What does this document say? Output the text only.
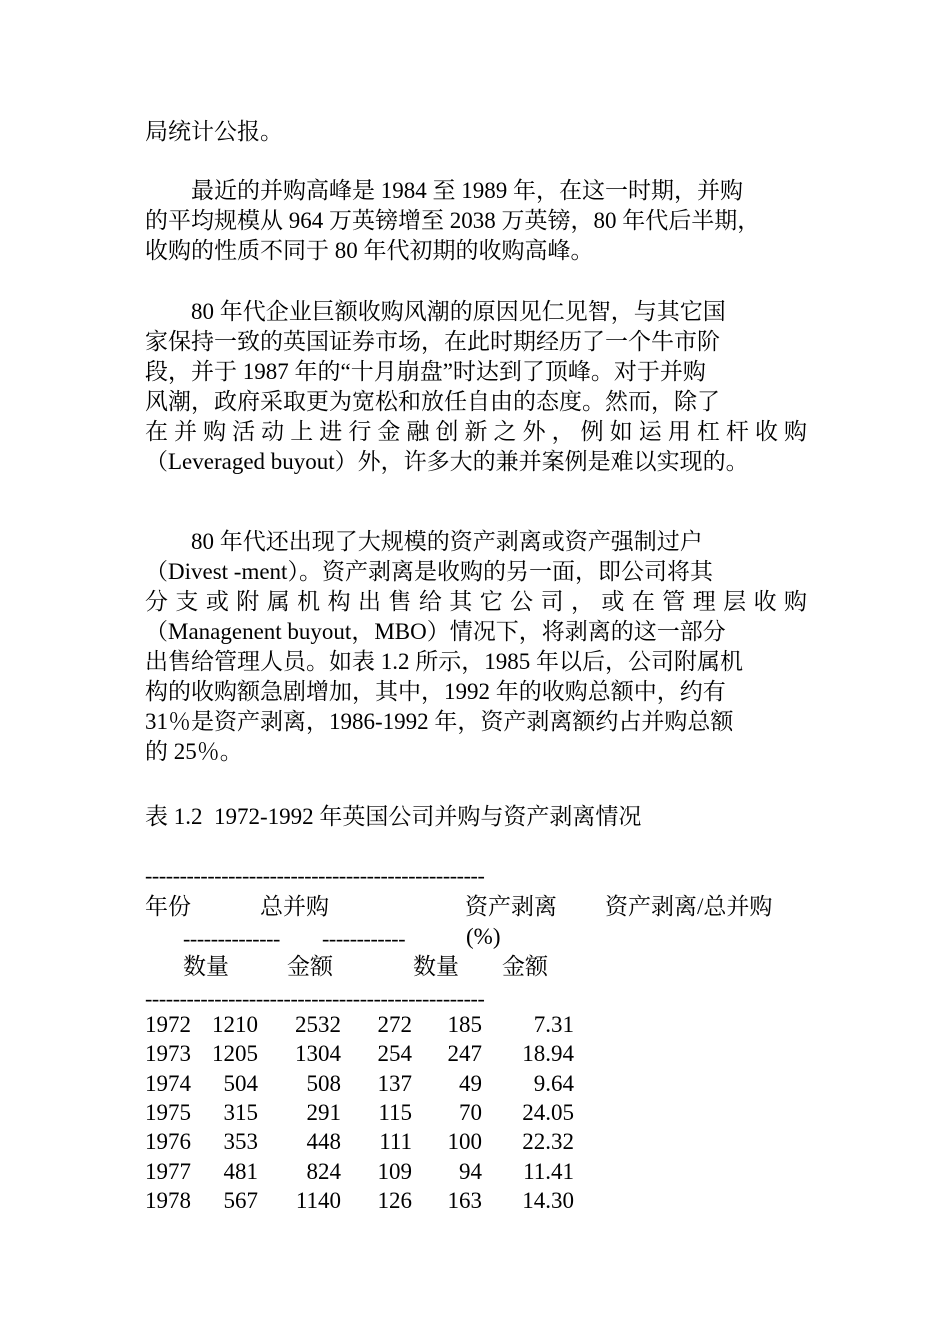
局统计公报。
　　最近的并购高峰是 1984 至 1989 年，在这一时期，并购
的平均规模从 964 万英镑增至 2038 万英镑，80 年代后半期，
收购的性质不同于 80 年代初期的收购高峰。
　　80 年代企业巨额收购风潮的原因见仁见智，与其它国
家保持一致的英国证券市场，在此时期经历了一个牛市阶
段，并于 1987 年的“十月崩盘”时达到了顶峰。对于并购
风潮，政府采取更为宽松和放任自由的态度。然而，除了
在并购活动上进行金融创新之外，例如运用杠杆收购
（Leveraged buyout）外，许多大的兼并案例是难以实现的。
　　80 年代还出现了大规模的资产剥离或资产强制过户
（Divest -ment）。资产剥离是收购的另一面，即公司将其
分支或附属机构出售给其它公司，或在管理层收购
（Managenent buyout，MBO）情况下，将剥离的这一部分
出售给管理人员。如表 1.2 所示，1985 年以后，公司附属机
构的收购额急剧增加，其中，1992 年的收购总额中，约有
31％是资产剥离，1986-1992 年，资产剥离额约占并购总额
的 25％。
表 1.2  1972-1992 年英国公司并购与资产剥离情况
-------------------------------------------------
年份	总并购	资产剥离 资产剥离/总并购
-------------- ------------	(%)
数量	金额	数量 金额
-------------------------------------------------
1972 1210 2532 272 185 7.31
1973 1205 1304 254 247 18.94
1974 504 508 137 49 9.64
1975 315 291 115 70 24.05
1976 353 448 111 100 22.32
1977 481 824 109 94 11.41
1978 567 1140 126 163 14.30
